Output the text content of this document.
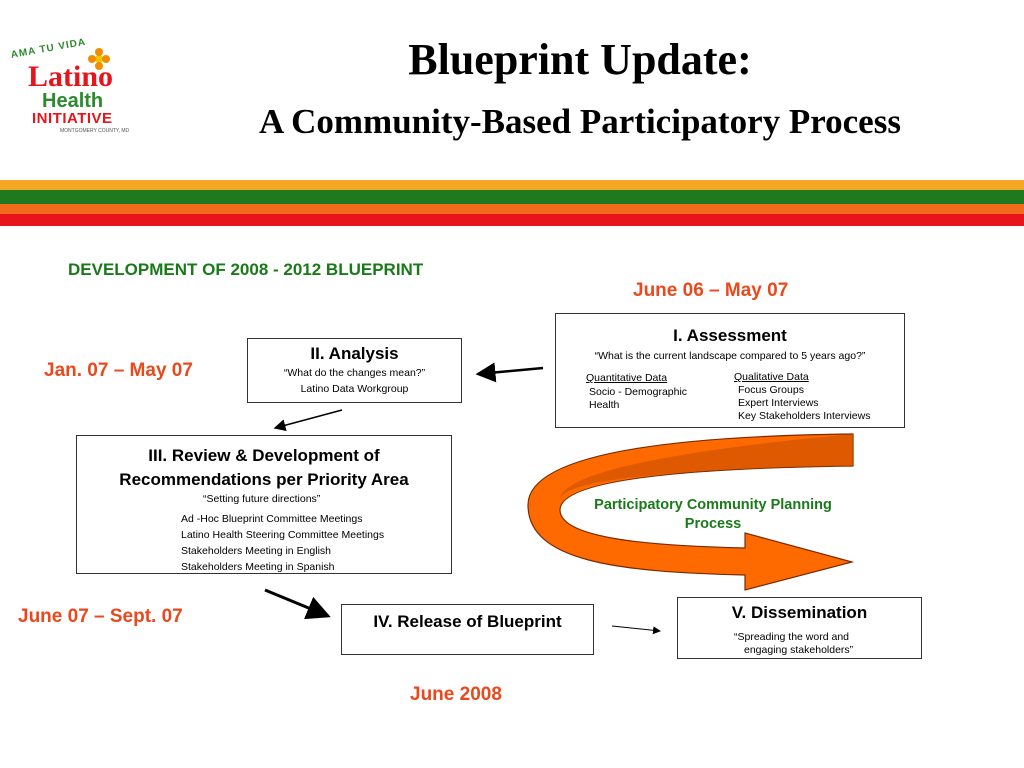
AMA TU VIDA
Latino
Health
INITIATIVE
MONTGOMERY COUNTY, MD
Blueprint Update:
A Community-Based Participatory Process
DEVELOPMENT OF 2008 - 2012 BLUEPRINT
June 06 – May 07
Jan. 07 – May 07
June 07 – Sept. 07
June 2008
Participatory Community Planning
Process
I. Assessment
“What is the current landscape compared to 5 years ago?”
Quantitative Data
Socio - Demographic
Health
Qualitative Data
Focus Groups
Expert Interviews
Key Stakeholders Interviews
II. Analysis
“What do the changes mean?”
Latino Data Workgroup
III. Review & Development of
Recommendations per Priority Area
“Setting future directions”
Ad -Hoc Blueprint Committee Meetings
Latino Health Steering Committee Meetings
Stakeholders Meeting in English
Stakeholders Meeting in Spanish
IV. Release of Blueprint	V. Dissemination
“Spreading the word and
engaging stakeholders”
